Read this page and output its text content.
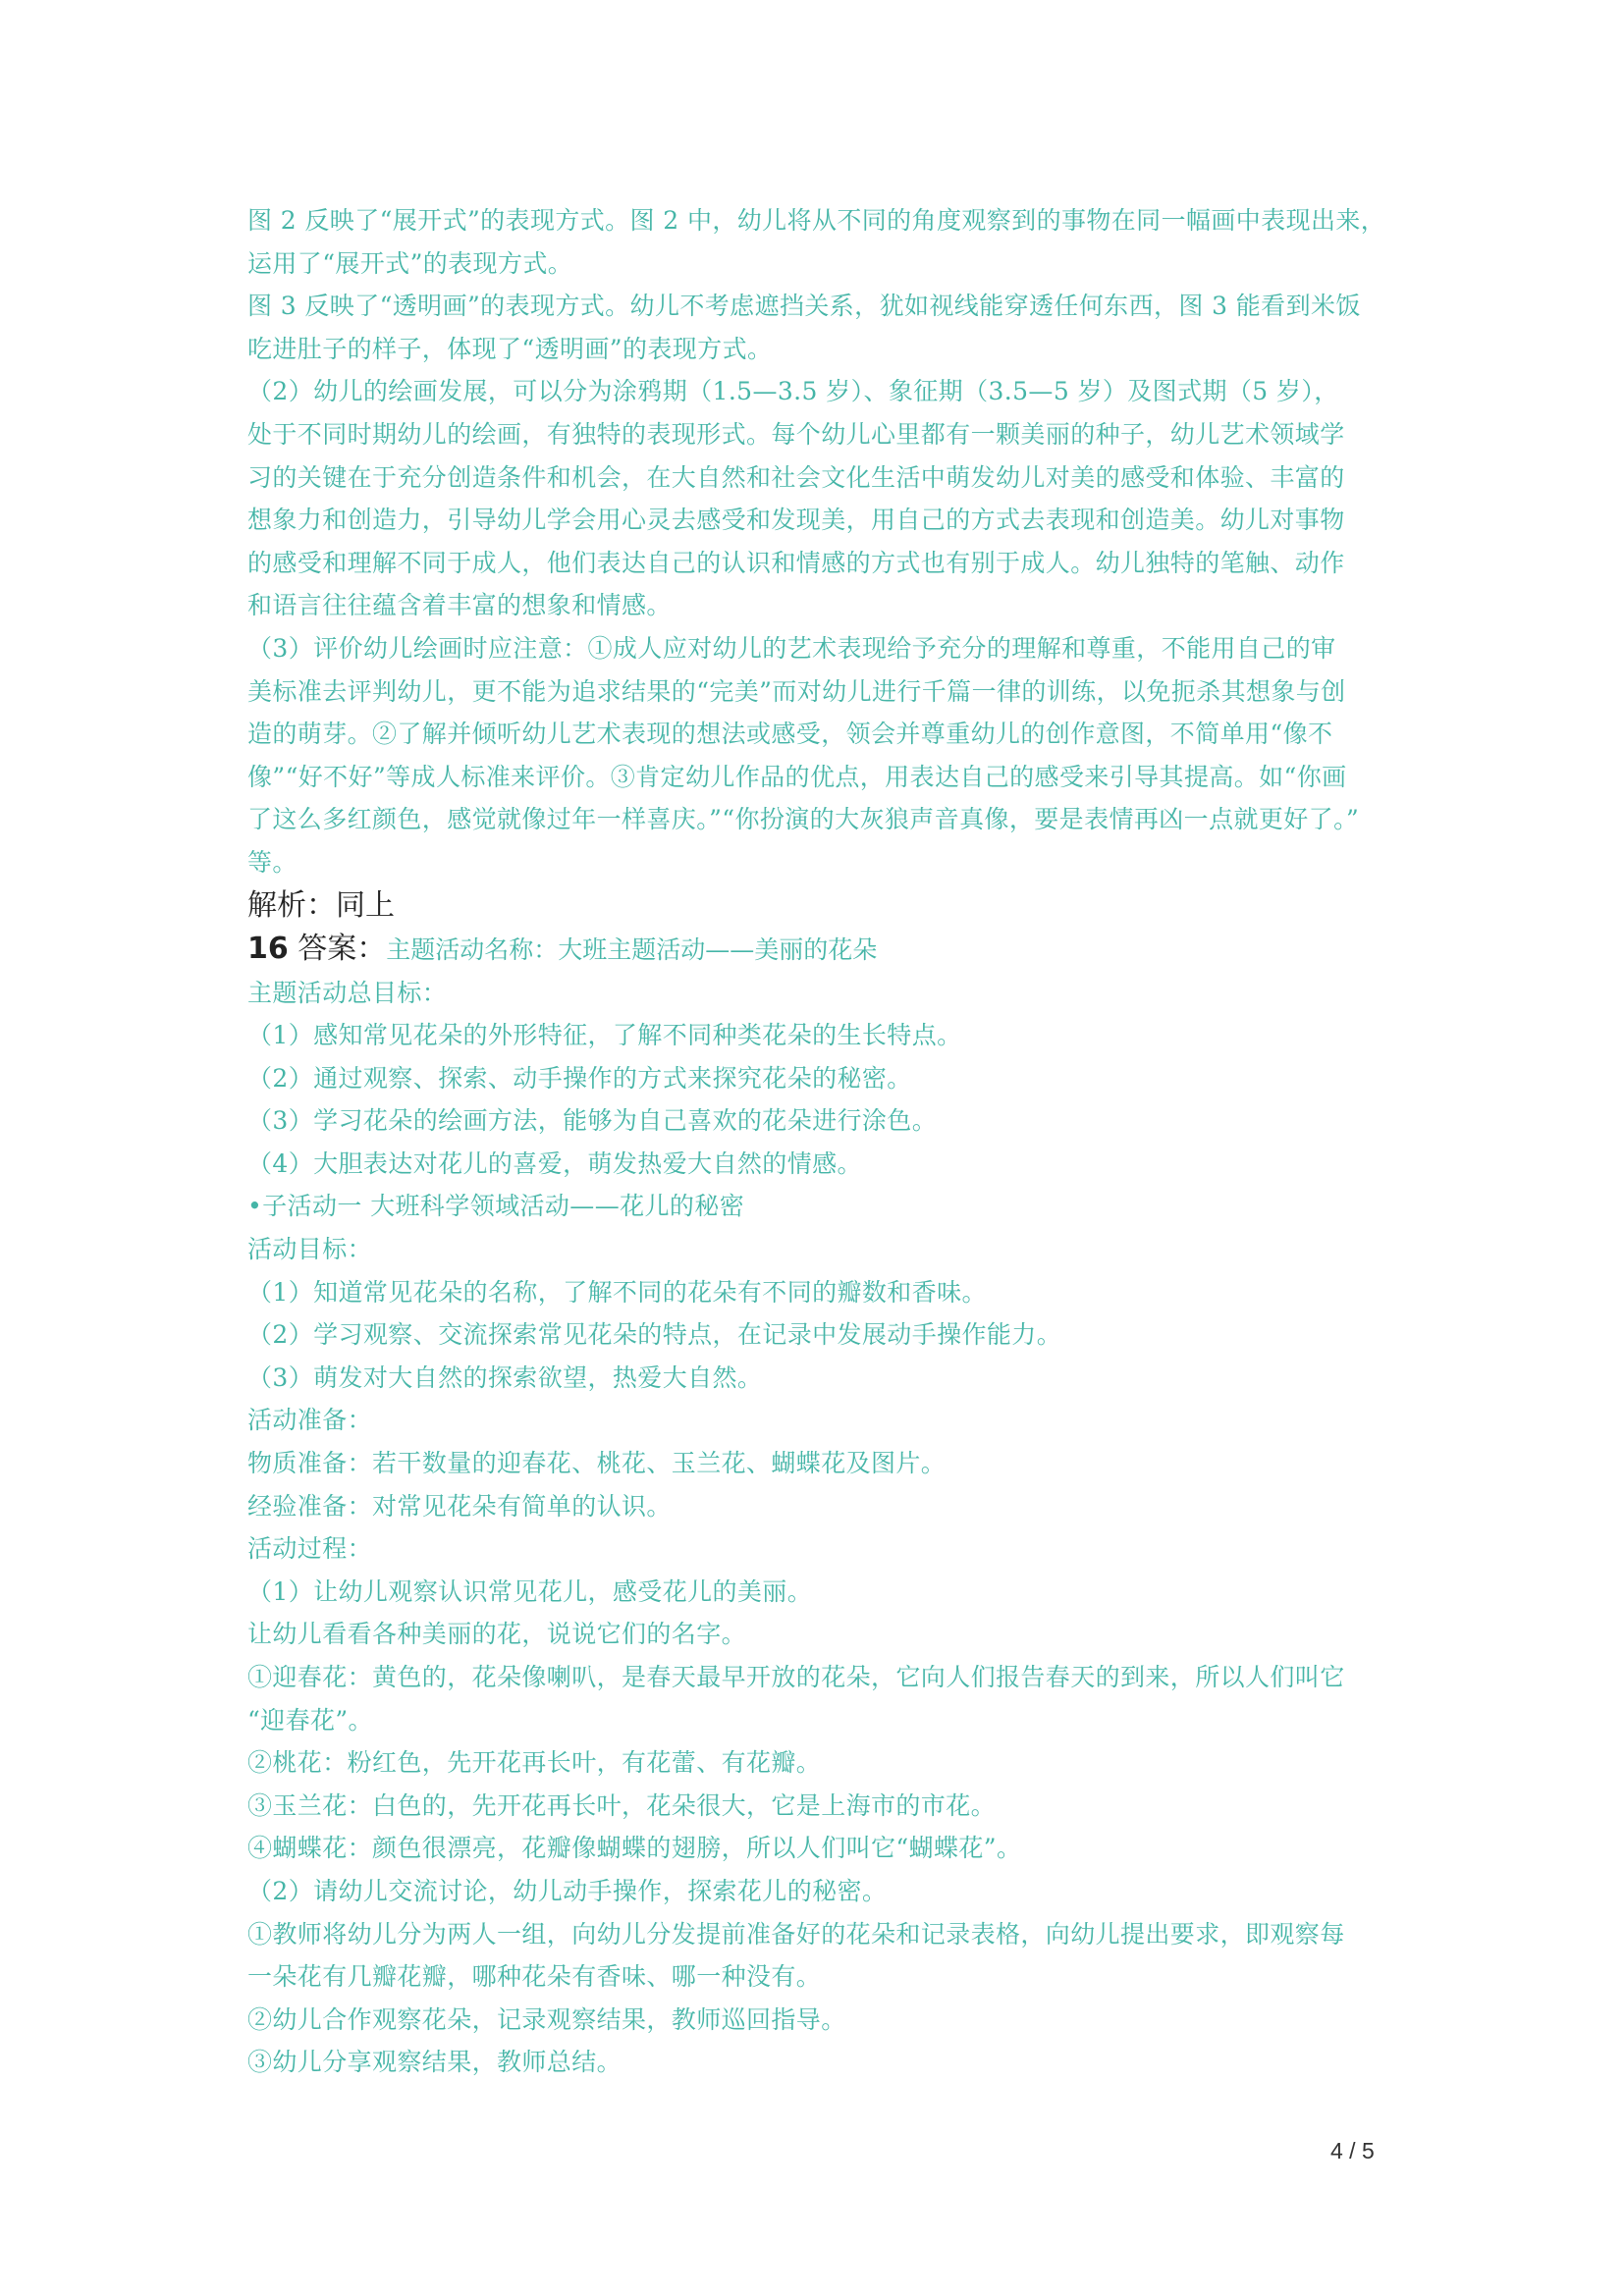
图 2 反映了“展开式”的表现方式。图 2 中，幼儿将从不同的角度观察到的事物在同一幅画中表现出来，
运用了“展开式”的表现方式。
图 3 反映了“透明画”的表现方式。幼儿不考虑遮挡关系，犹如视线能穿透任何东西，图 3 能看到米饭
吃进肚子的样子，体现了“透明画”的表现方式。
（2）幼儿的绘画发展，可以分为涂鸦期（1.5—3.5 岁）、象征期（3.5—5 岁）及图式期（5 岁），
处于不同时期幼儿的绘画，有独特的表现形式。每个幼儿心里都有一颗美丽的种子，幼儿艺术领域学
习的关键在于充分创造条件和机会，在大自然和社会文化生活中萌发幼儿对美的感受和体验、丰富的
想象力和创造力，引导幼儿学会用心灵去感受和发现美，用自己的方式去表现和创造美。幼儿对事物
的感受和理解不同于成人，他们表达自己的认识和情感的方式也有别于成人。幼儿独特的笔触、动作
和语言往往蕴含着丰富的想象和情感。
（3）评价幼儿绘画时应注意：①成人应对幼儿的艺术表现给予充分的理解和尊重，不能用自己的审
美标准去评判幼儿，更不能为追求结果的“完美”而对幼儿进行千篇一律的训练，以免扼杀其想象与创
造的萌芽。②了解并倾听幼儿艺术表现的想法或感受，领会并尊重幼儿的创作意图，不简单用“像不
像”“好不好”等成人标准来评价。③肯定幼儿作品的优点，用表达自己的感受来引导其提高。如“你画
了这么多红颜色，感觉就像过年一样喜庆。”“你扮演的大灰狼声音真像，要是表情再凶一点就更好了。”
等。
解析：同上
16 答案：主题活动名称：大班主题活动——美丽的花朵
主题活动总目标：
（1）感知常见花朵的外形特征，了解不同种类花朵的生长特点。
（2）通过观察、探索、动手操作的方式来探究花朵的秘密。
（3）学习花朵的绘画方法，能够为自己喜欢的花朵进行涂色。
（4）大胆表达对花儿的喜爱，萌发热爱大自然的情感。
•子活动一 大班科学领域活动——花儿的秘密
活动目标：
（1）知道常见花朵的名称，了解不同的花朵有不同的瓣数和香味。
（2）学习观察、交流探索常见花朵的特点，在记录中发展动手操作能力。
（3）萌发对大自然的探索欲望，热爱大自然。
活动准备：
物质准备：若干数量的迎春花、桃花、玉兰花、蝴蝶花及图片。
经验准备：对常见花朵有简单的认识。
活动过程：
（1）让幼儿观察认识常见花儿，感受花儿的美丽。
让幼儿看看各种美丽的花，说说它们的名字。
①迎春花：黄色的，花朵像喇叭，是春天最早开放的花朵，它向人们报告春天的到来，所以人们叫它
“迎春花”。
②桃花：粉红色，先开花再长叶，有花蕾、有花瓣。
③玉兰花：白色的，先开花再长叶，花朵很大，它是上海市的市花。
④蝴蝶花：颜色很漂亮，花瓣像蝴蝶的翅膀，所以人们叫它“蝴蝶花”。
（2）请幼儿交流讨论，幼儿动手操作，探索花儿的秘密。
①教师将幼儿分为两人一组，向幼儿分发提前准备好的花朵和记录表格，向幼儿提出要求，即观察每
一朵花有几瓣花瓣，哪种花朵有香味、哪一种没有。
②幼儿合作观察花朵，记录观察结果，教师巡回指导。
③幼儿分享观察结果，教师总结。
4 / 5
